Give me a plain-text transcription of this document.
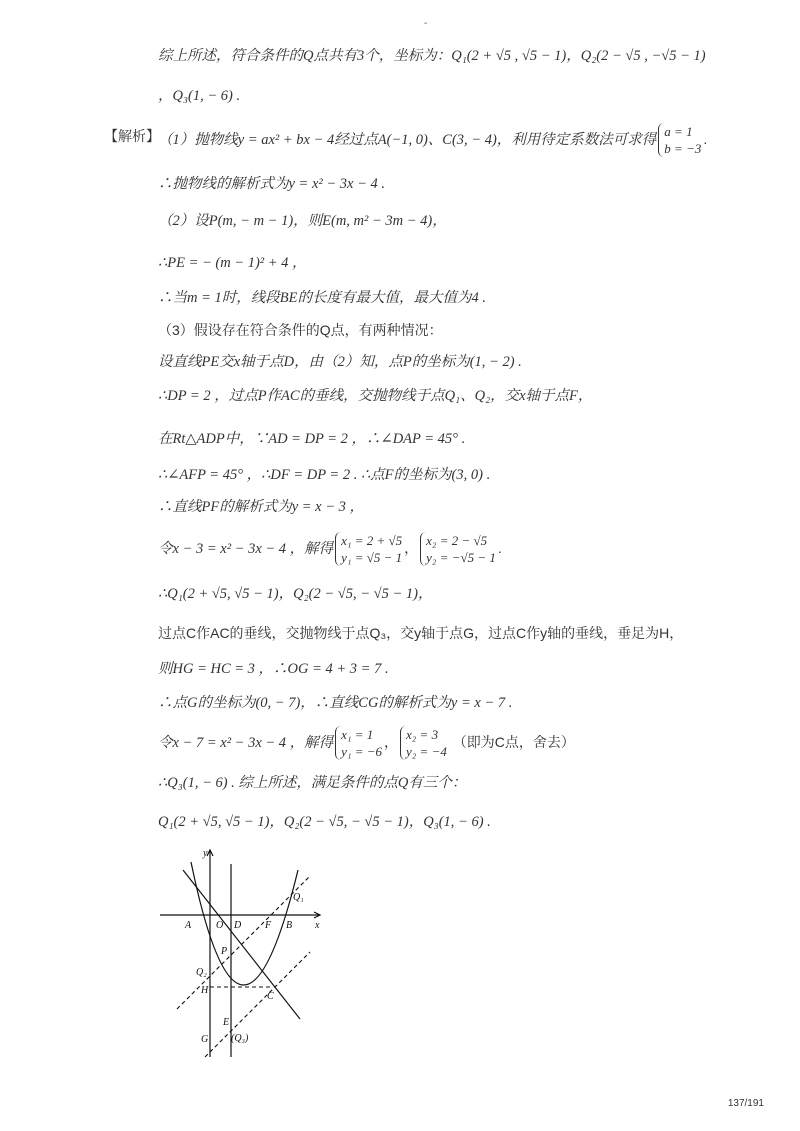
-
综上所述，符合条件的Q点共有3个，坐标为：Q₁(2 + √5 , √5 − 1)，Q₂(2 − √5 , −√5 − 1)
，Q₃(1, − 6) .
【解析】
（1）抛物线y = ax² + bx − 4经过点A(−1, 0)、C(3, − 4)，利用待定系数法可求得a = 1
b = −3.
∴抛物线的解析式为y = x² − 3x − 4 .
（2）设P(m, − m − 1)，则E(m, m² − 3m − 4)，
∴PE = − (m − 1)² + 4 ，
∴当m = 1时，线段BE的长度有最大值，最大值为4 .
（3）假设存在符合条件的Q点，有两种情况：
设直线PE交x轴于点D，由（2）知，点P的坐标为(1, − 2) .
∴DP = 2 ，过点P作AC的垂线，交抛物线于点Q₁、Q₂，交x轴于点F，
在Rt△ADP中，∵AD = DP = 2 ，∴∠DAP = 45° .
∴∠AFP = 45° ，∴DF = DP = 2 . ∴点F的坐标为(3, 0) .
∴直线PF的解析式为y = x − 3 ，
令x − 3 = x² − 3x − 4 ，解得x₁ = 2 + √5
y₁ = √5 − 1， x₂ = 2 − √5
y₂ = −√5 − 1.
∴Q₁(2 + √5, √5 − 1)，Q₂(2 − √5, − √5 − 1)，
过点C作AC的垂线，交抛物线于点Q₃，交y轴于点G，过点C作y轴的垂线，垂足为H，
则HG = HC = 3 ，∴OG = 4 + 3 = 7 .
∴点G的坐标为(0, − 7)，∴直线CG的解析式为y = x − 7 .
令x − 7 = x² − 3x − 4 ，解得x₁ = 1
y₁ = −6， x₂ = 3
y₂ = −4 （即为C点，舍去）
∴Q₃(1, − 6) . 综上所述，满足条件的点Q有三个：
Q₁(2 + √5, √5 − 1)，Q₂(2 − √5, − √5 − 1)，Q₃(1, − 6) .
y
x
O D
A	F B
Q₁
P
Q₂
H
C
E
G (Q₃)
137/191
